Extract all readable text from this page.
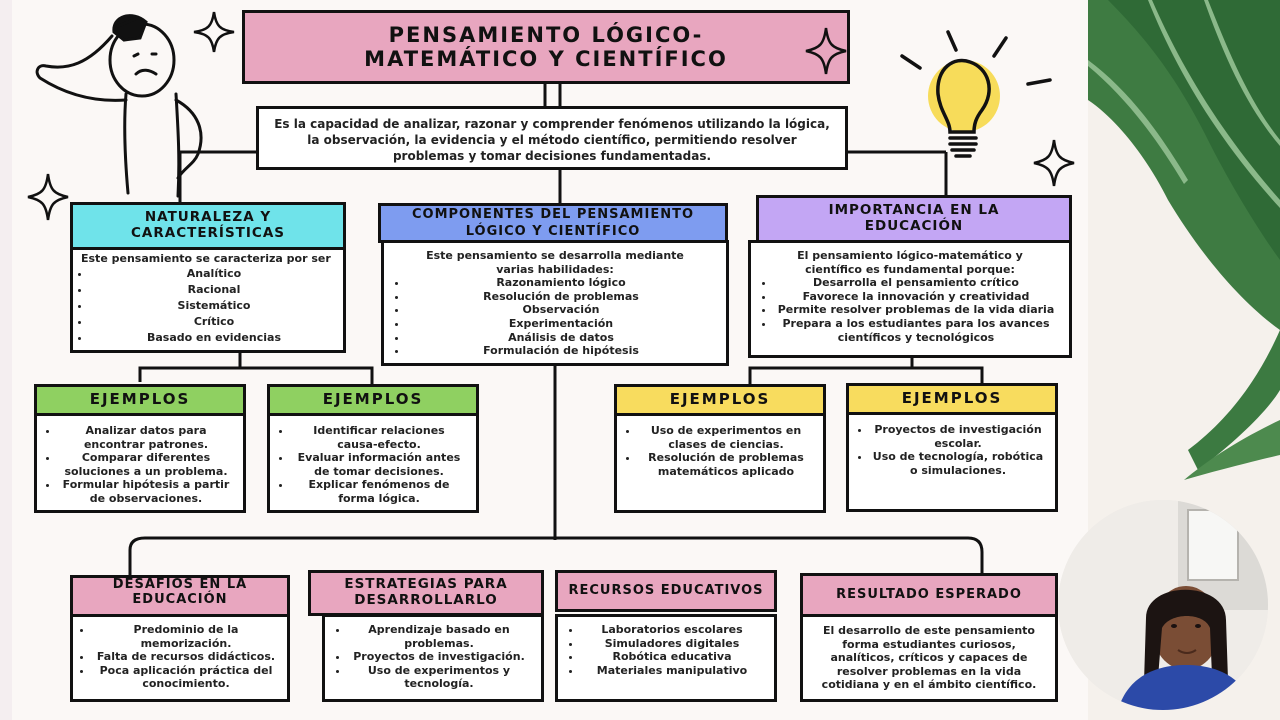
PENSAMIENTO LÓGICO-
MATEMÁTICO Y CIENTÍFICO
Es la capacidad de analizar, razonar y comprender fenómenos utilizando la lógica, la observación, la evidencia y el método científico, permitiendo resolver problemas y tomar decisiones fundamentadas.
NATURALEZA Y CARACTERÍSTICAS
Este pensamiento se caracteriza por ser
• Analítico
• Racional
• Sistemático
• Crítico
• Basado en evidencias
COMPONENTES DEL PENSAMIENTO LÓGICO Y CIENTÍFICO
Este pensamiento se desarrolla mediante varias habilidades:
• Razonamiento lógico
• Resolución de problemas
• Observación
• Experimentación
• Análisis de datos
• Formulación de hipótesis
IMPORTANCIA EN LA EDUCACIÓN
El pensamiento lógico-matemático y científico es fundamental porque:
• Desarrolla el pensamiento crítico
• Favorece la innovación y creatividad
• Permite resolver problemas de la vida diaria
• Prepara a los estudiantes para los avances científicos y tecnológicos
EJEMPLOS
• Analizar datos para encontrar patrones.
• Comparar diferentes soluciones a un problema.
• Formular hipótesis a partir de observaciones.
EJEMPLOS
• Identificar relaciones causa-efecto.
• Evaluar información antes de tomar decisiones.
• Explicar fenómenos de forma lógica.
EJEMPLOS
• Uso de experimentos en clases de ciencias.
• Resolución de problemas matemáticos aplicado
EJEMPLOS
• Proyectos de investigación escolar.
• Uso de tecnología, robótica o simulaciones.
DESAFÍOS EN LA EDUCACIÓN
• Predominio de la memorización.
• Falta de recursos didácticos.
• Poca aplicación práctica del conocimiento.
ESTRATEGIAS PARA DESARROLLARLO
• Aprendizaje basado en problemas.
• Proyectos de investigación.
• Uso de experimentos y tecnología.
RECURSOS EDUCATIVOS
• Laboratorios escolares
• Simuladores digitales
• Robótica educativa
• Materiales manipulativo
RESULTADO ESPERADO
El desarrollo de este pensamiento forma estudiantes curiosos, analíticos, críticos y capaces de resolver problemas en la vida cotidiana y en el ámbito científico.
